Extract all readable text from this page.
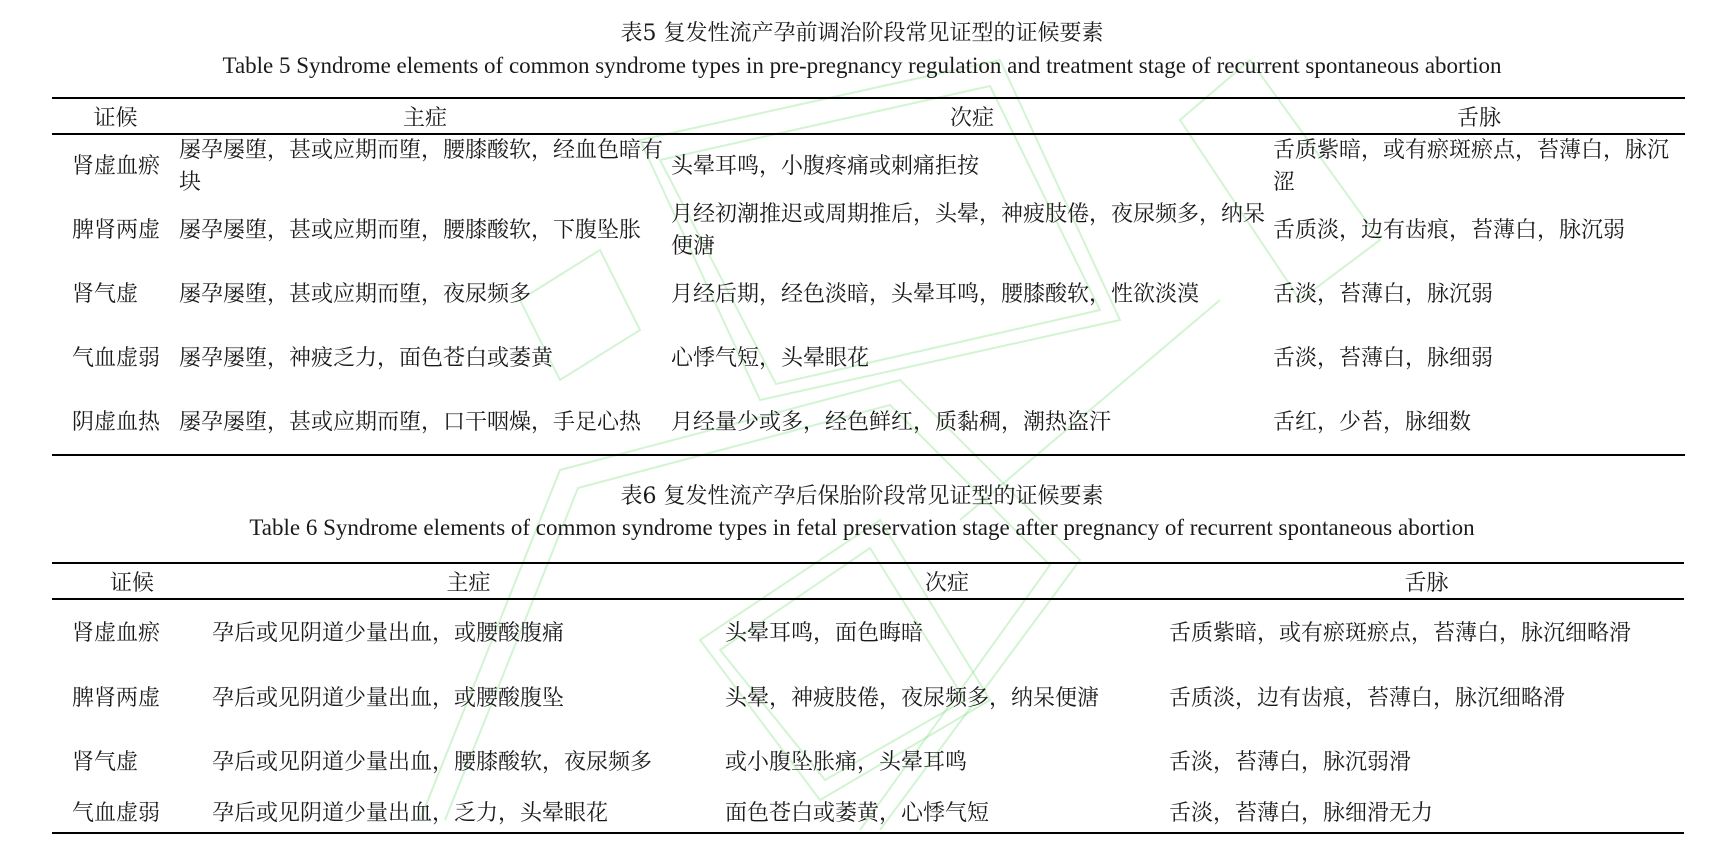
表5 复发性流产孕前调治阶段常见证型的证候要素
Table 5 Syndrome elements of common syndrome types in pre-pregnancy regulation and treatment stage of recurrent spontaneous abortion
证候	主症	次症	舌脉
肾虚血瘀	屡孕屡堕，甚或应期而堕，腰膝酸软，经血色暗有块	头晕耳鸣，小腹疼痛或刺痛拒按	舌质紫暗，或有瘀斑瘀点，苔薄白，脉沉涩
脾肾两虚	屡孕屡堕，甚或应期而堕，腰膝酸软，下腹坠胀	月经初潮推迟或周期推后，头晕，神疲肢倦，夜尿频多，纳呆便溏	舌质淡，边有齿痕，苔薄白，脉沉弱
肾气虚	屡孕屡堕，甚或应期而堕，夜尿频多	月经后期，经色淡暗，头晕耳鸣，腰膝酸软，性欲淡漠	舌淡，苔薄白，脉沉弱
气血虚弱	屡孕屡堕，神疲乏力，面色苍白或萎黄	心悸气短，头晕眼花	舌淡，苔薄白，脉细弱
阴虚血热	屡孕屡堕，甚或应期而堕，口干咽燥，手足心热	月经量少或多，经色鲜红，质黏稠，潮热盗汗	舌红，少苔，脉细数
表6 复发性流产孕后保胎阶段常见证型的证候要素
Table 6 Syndrome elements of common syndrome types in fetal preservation stage after pregnancy of recurrent spontaneous abortion
证候	主症	次症	舌脉
肾虚血瘀	孕后或见阴道少量出血，或腰酸腹痛	头晕耳鸣，面色晦暗	舌质紫暗，或有瘀斑瘀点，苔薄白，脉沉细略滑
脾肾两虚	孕后或见阴道少量出血，或腰酸腹坠	头晕，神疲肢倦，夜尿频多，纳呆便溏	舌质淡，边有齿痕，苔薄白，脉沉细略滑
肾气虚	孕后或见阴道少量出血，腰膝酸软，夜尿频多	或小腹坠胀痛，头晕耳鸣	舌淡，苔薄白，脉沉弱滑
气血虚弱	孕后或见阴道少量出血，乏力，头晕眼花	面色苍白或萎黄，心悸气短	舌淡，苔薄白，脉细滑无力
